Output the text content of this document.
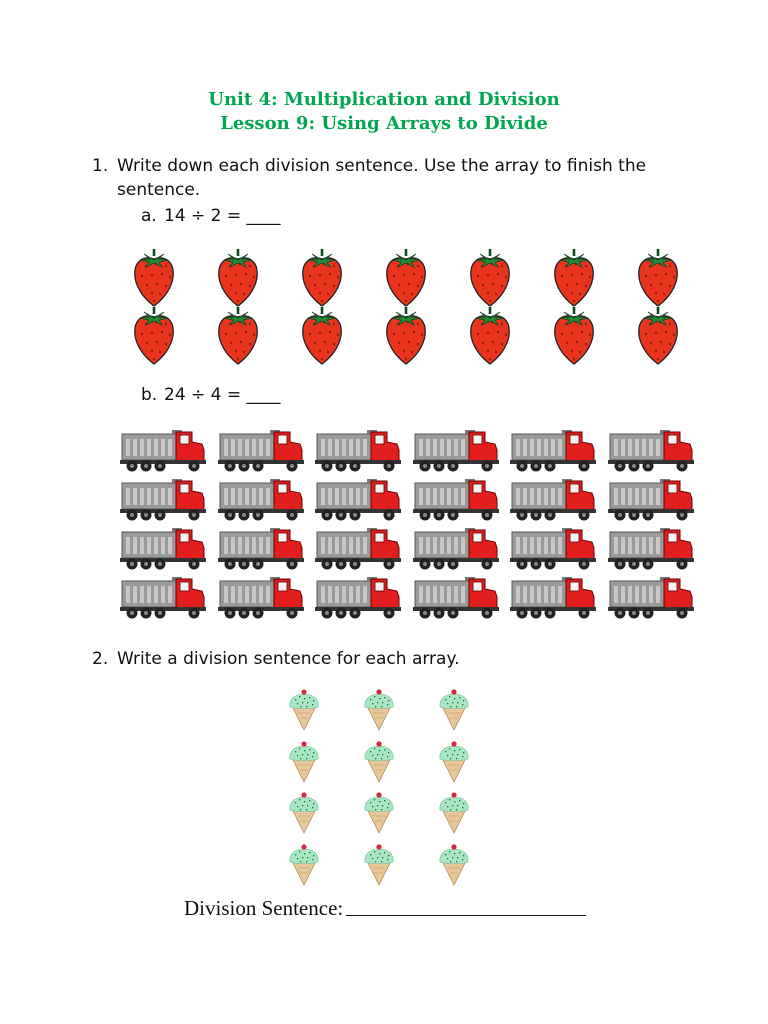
Unit 4: Multiplication and Division
Lesson 9: Using Arrays to Divide
1. Write down each division sentence. Use the array to finish the
sentence.
a. 14 ÷ 2 = ____
b. 24 ÷ 4 = ____
2. Write a division sentence for each array.
Division Sentence:
